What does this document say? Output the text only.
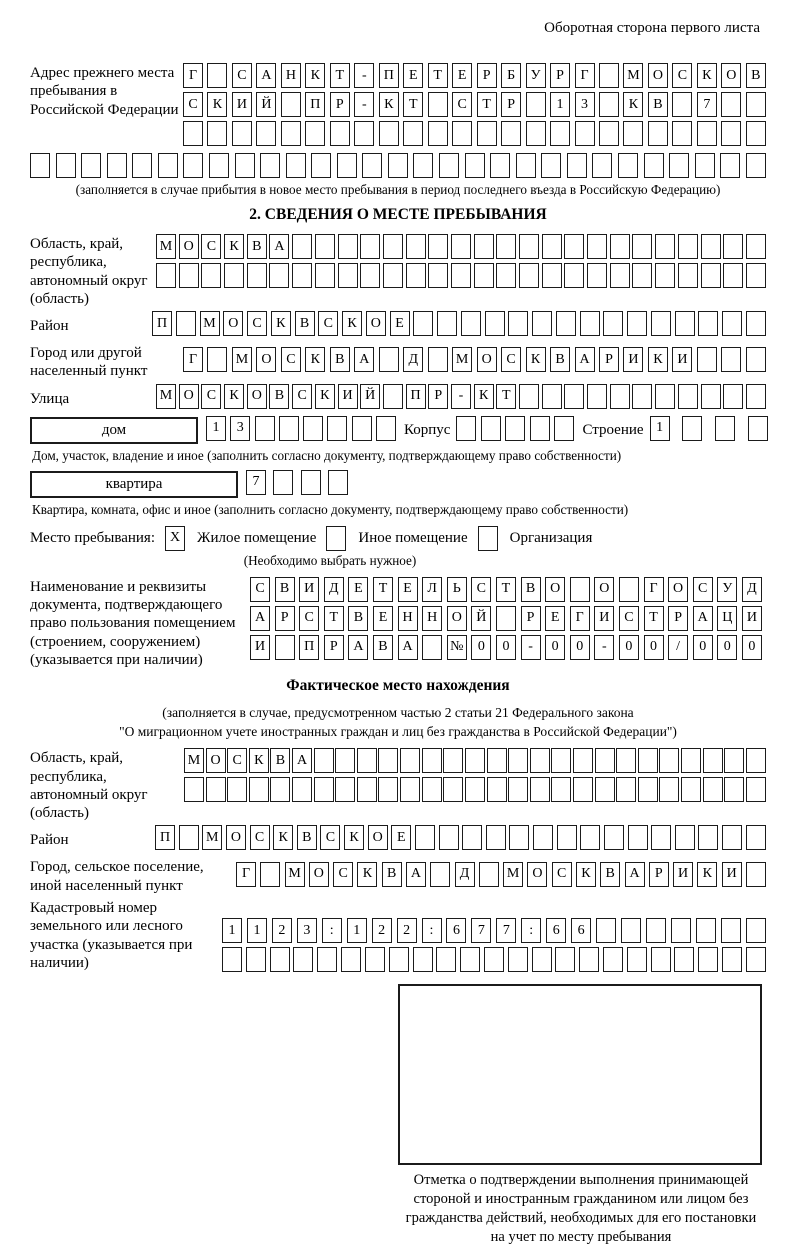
Оборотная сторона первого листа
Адрес прежнего места пребывания в Российской Федерации
Г	С	А	Н	К	Т	-	П	Е	Т	Е	Р	Б	У	Р	Г	М О	С	К	О	В
С	К	И	Й	П	Р	-	К	Т	С	Т	Р	1	3	К	В	7
(заполняется в случае прибытия в новое место пребывания в период последнего въезда в Российскую Федерацию)
2. СВЕДЕНИЯ О МЕСТЕ ПРЕБЫВАНИЯ
Область, край, республика, автономный округ (область)
М О С К В А
Район	П	М О	С	К	В	С	К	О	Е
Город или другой населенный пункт
Г	М О	С	К	В	А	Д	М О	С	К	В	А	Р	И	К	И
Улица	М О С К О В С К И Й	П Р	-	К Т
дом	1	3	Корпус	Строение 1
Дом, участок, владение и иное (заполнить согласно документу, подтверждающему право собственности)
квартира	7
Квартира, комната, офис и иное (заполнить согласно документу, подтверждающему право собственности)
Место пребывания:	X	Жилое помещение	Иное помещение	Организация
(Необходимо выбрать нужное)
Наименование и реквизиты документа, подтверждающего право пользования помещением (строением, сооружением) (указывается при наличии)
С	В	И	Д	Е	Т	Е	Л	Ь	С	Т	В	О	О	Г	О	С	У	Д
А	Р	С	Т	В	Е	Н	Н	О	Й	Р	Е	Г	И	С	Т	Р	А	Ц	И
И	П	Р	А	В	А	№	0	0	-	0	0	-	0	0	/	0	0	0
Фактическое место нахождения
(заполняется в случае, предусмотренном частью 2 статьи 21 Федерального закона
"О миграционном учете иностранных граждан и лиц без гражданства в Российской Федерации")
Область, край, республика, автономный округ (область)
М О С К В А
Район	П	М О С	К	В	С	К О	Е
Город, сельское поселение, иной населенный пункт
Г	М О	С	К	В	А	Д	М О	С	К	В	А	Р	И	К	И
Кадастровый номер земельного или лесного участка (указывается при наличии)
1	1	2	3	:	1	2	2	:	6	7	7	:	6	6
Отметка о подтверждении выполнения принимающей стороной и иностранным гражданином или лицом без гражданства действий, необходимых для его постановки на учет по месту пребывания
